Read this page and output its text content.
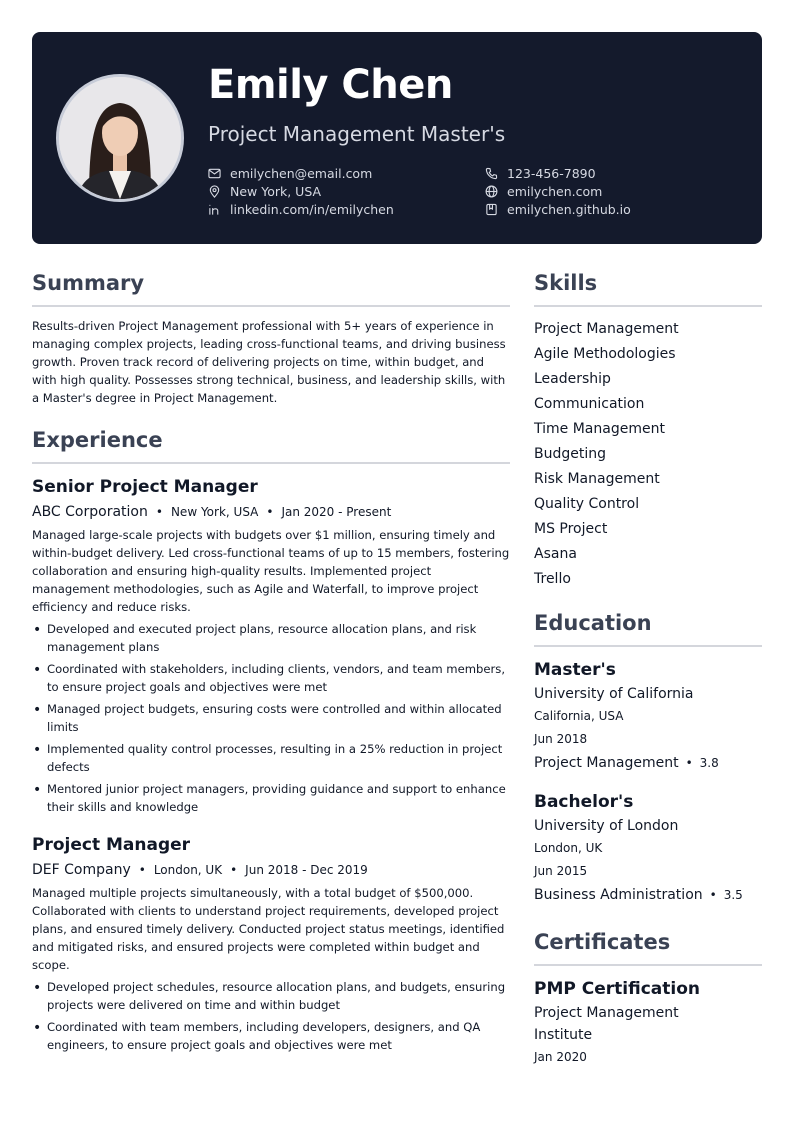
Emily Chen
Project Management Master's
emilychen@email.com
New York, USA
linkedin.com/in/emilychen
123-456-7890
emilychen.com
emilychen.github.io
Summary

Results-driven Project Management professional with 5+ years of experience in managing complex projects, leading cross-functional teams, and driving business growth. Proven track record of delivering projects on time, within budget, and with high quality. Possesses strong technical, business, and leadership skills, with a Master's degree in Project Management.

Experience
Senior Project Manager
ABC Corporation • New York, USA • Jan 2020 - Present

Managed large-scale projects with budgets over $1 million, ensuring timely and within-budget delivery. Led cross-functional teams of up to 15 members, fostering collaboration and ensuring high-quality results. Implemented project management methodologies, such as Agile and Waterfall, to improve project efficiency and reduce risks.

• Developed and executed project plans, resource allocation plans, and risk management plans
• Coordinated with stakeholders, including clients, vendors, and team members, to ensure project goals and objectives were met
• Managed project budgets, ensuring costs were controlled and within allocated limits
• Implemented quality control processes, resulting in a 25% reduction in project defects
• Mentored junior project managers, providing guidance and support to enhance their skills and knowledge
Project Manager
DEF Company • London, UK • Jun 2018 - Dec 2019

Managed multiple projects simultaneously, with a total budget of $500,000. Collaborated with clients to understand project requirements, developed project plans, and ensured timely delivery. Conducted project status meetings, identified and mitigated risks, and ensured projects were completed within budget and scope.

• Developed project schedules, resource allocation plans, and budgets, ensuring projects were delivered on time and within budget
• Coordinated with team members, including developers, designers, and QA engineers, to ensure project goals and objectives were met
Skills
Project Management
Agile Methodologies
Leadership
Communication
Time Management
Budgeting
Risk Management
Quality Control
MS Project
Asana
Trello
Education
Master's

University of California

California, USA

Jun 2018

Project Management • 3.8

Bachelor's

University of London

London, UK

Jun 2015

Business Administration • 3.5

Certificates
PMP Certification

Project Management Institute

Jan 2020
